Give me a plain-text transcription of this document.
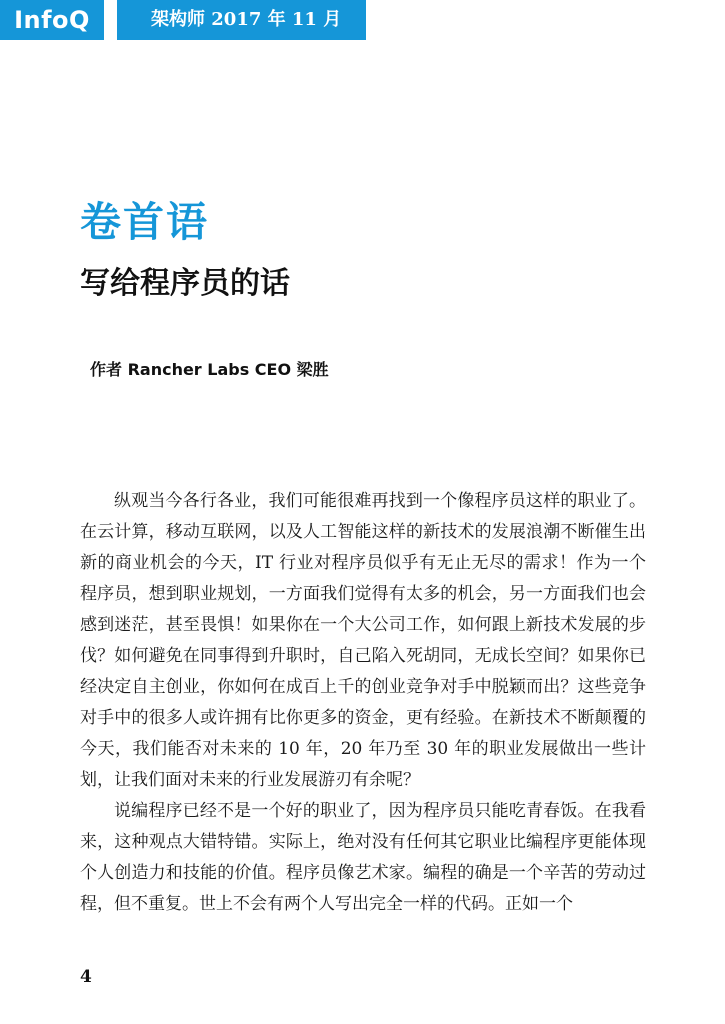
InfoQ	架构师 2017 年 11 月
卷首语
写给程序员的话
作者 Rancher Labs CEO 梁胜

纵观当今各行各业，我们可能很难再找到一个像程序员这样的职业了。在云计算，移动互联网，以及人工智能这样的新技术的发展浪潮不断催生出新的商业机会的今天，IT 行业对程序员似乎有无止无尽的需求！作为一个程序员，想到职业规划，一方面我们觉得有太多的机会，另一方面我们也会感到迷茫，甚至畏惧！如果你在一个大公司工作，如何跟上新技术发展的步伐？如何避免在同事得到升职时，自己陷入死胡同，无成长空间？如果你已经决定自主创业，你如何在成百上千的创业竞争对手中脱颖而出？这些竞争对手中的很多人或许拥有比你更多的资金，更有经验。在新技术不断颠覆的今天，我们能否对未来的 10 年，20 年乃至 30 年的职业发展做出一些计划，让我们面对未来的行业发展游刃有余呢？

说编程序已经不是一个好的职业了，因为程序员只能吃青春饭。在我看来，这种观点大错特错。实际上，绝对没有任何其它职业比编程序更能体现个人创造力和技能的价值。程序员像艺术家。编程的确是一个辛苦的劳动过程，但不重复。世上不会有两个人写出完全一样的代码。正如一个

4
